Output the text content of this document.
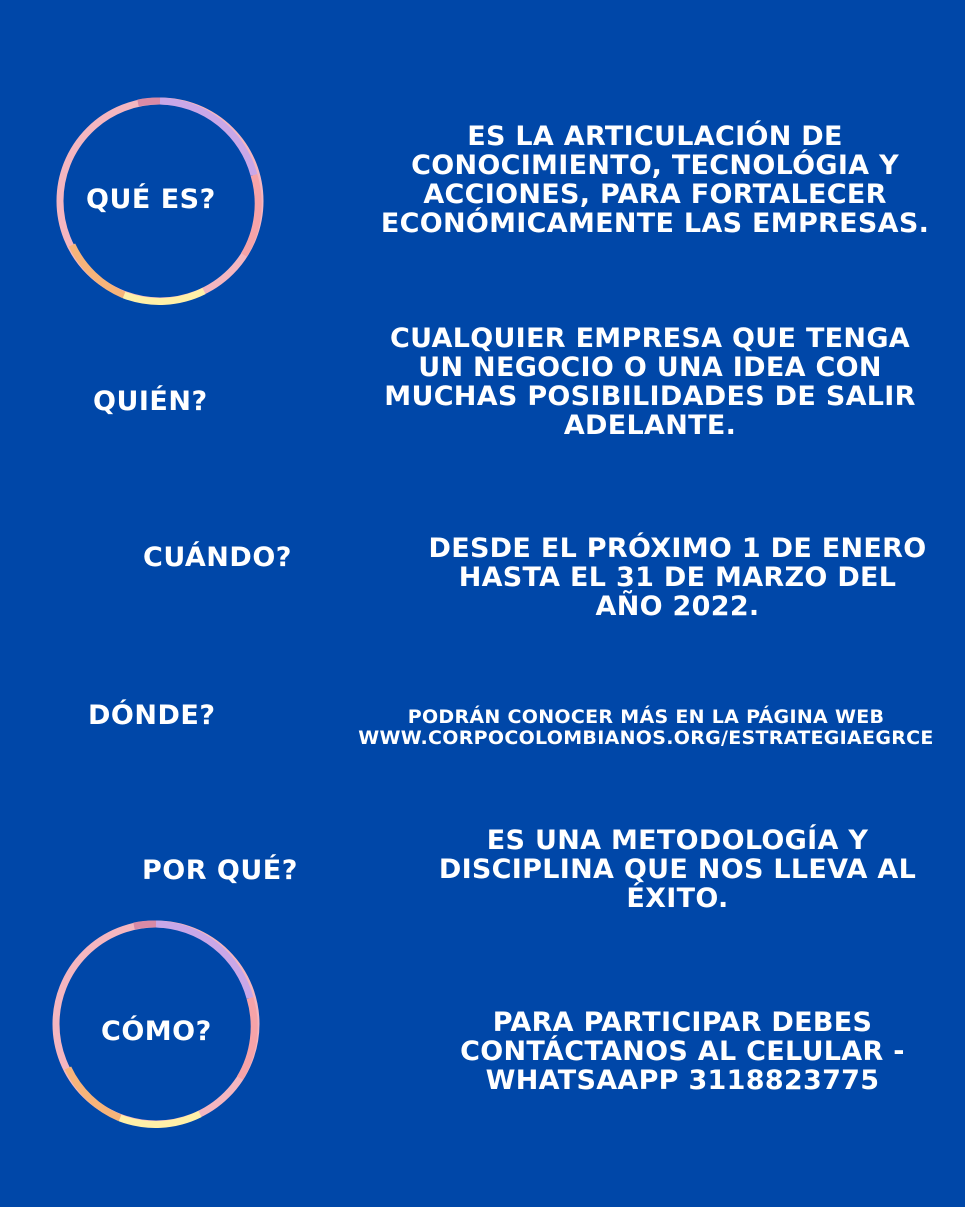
QUÉ ES?
ES LA ARTICULACIÓN DE
CONOCIMIENTO, TECNOLÓGIA Y
ACCIONES, PARA FORTALECER
ECONÓMICAMENTE LAS EMPRESAS.
QUIÉN?
CUALQUIER EMPRESA QUE TENGA
UN NEGOCIO O UNA IDEA CON
MUCHAS POSIBILIDADES DE SALIR
ADELANTE.
CUÁNDO?	DESDE EL PRÓXIMO 1 DE ENERO
HASTA EL 31 DE MARZO DEL
AÑO 2022.
DÓNDE?	PODRÁN CONOCER MÁS EN LA PÁGINA WEB
WWW.CORPOCOLOMBIANOS.ORG/ESTRATEGIAEGRCE
POR QUÉ?
ES UNA METODOLOGÍA Y
DISCIPLINA QUE NOS LLEVA AL
ÉXITO.
CÓMO?	PARA PARTICIPAR DEBES
CONTÁCTANOS AL CELULAR -
WHATSAAPP 3118823775
